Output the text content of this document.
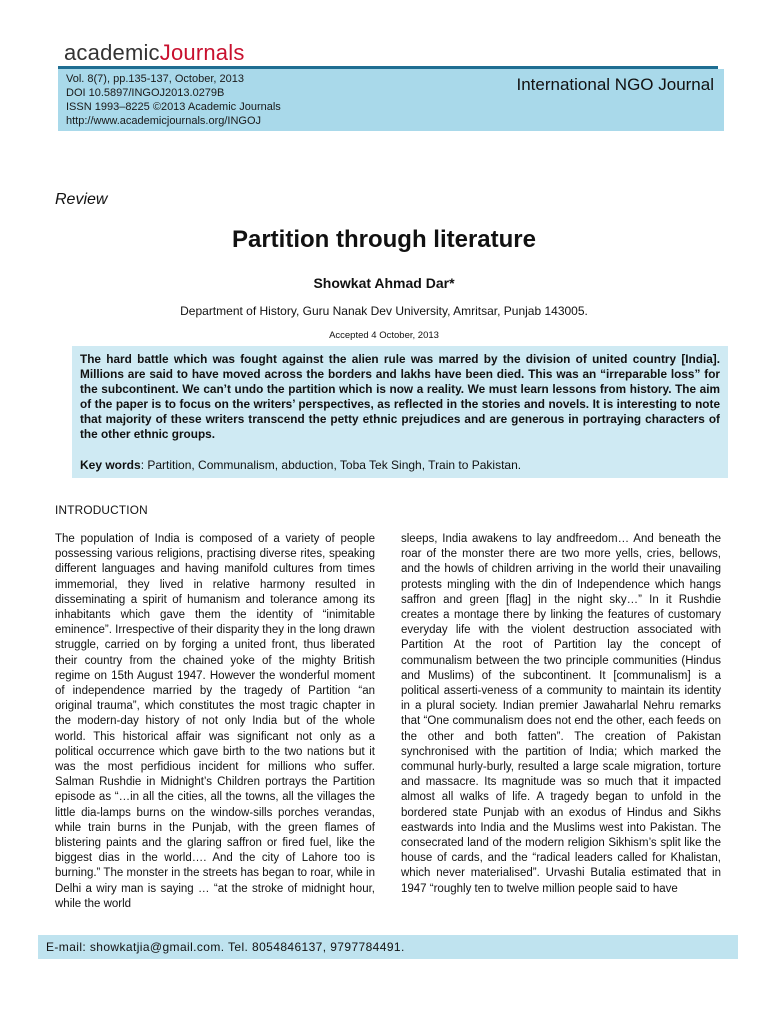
academicJournals
Vol. 8(7), pp.135-137, October, 2013
DOI 10.5897/INGOJ2013.0279B
ISSN 1993–8225 ©2013 Academic Journals
http://www.academicjournals.org/INGOJ
International NGO Journal
Review
Partition through literature
Showkat Ahmad Dar*
Department of History, Guru Nanak Dev University, Amritsar, Punjab 143005.
Accepted 4 October, 2013
The hard battle which was fought against the alien rule was marred by the division of united country [India]. Millions are said to have moved across the borders and lakhs have been died. This was an “irreparable loss” for the subcontinent. We can’t undo the partition which is now a reality. We must learn lessons from history. The aim of the paper is to focus on the writers’ perspectives, as reflected in the stories and novels. It is interesting to note that majority of these writers transcend the petty ethnic prejudices and are generous in portraying characters of the other ethnic groups.
Key words: Partition, Communalism, abduction, Toba Tek Singh, Train to Pakistan.
INTRODUCTION

The population of India is composed of a variety of people possessing various religions, practising diverse rites, speaking different languages and having manifold cultures from times immemorial, they lived in relative harmony resulted in disseminating a spirit of humanism and tolerance among its inhabitants which gave them the identity of “inimitable eminence”. Irrespective of their disparity they in the long drawn struggle, carried on by forging a united front, thus liberated their country from the chained yoke of the mighty British regime on 15th August 1947. However the wonderful moment of independence married by the tragedy of Partition “an original trauma”, which constitutes the most tragic chapter in the modern-day history of not only India but of the whole world. This historical affair was significant not only as a political occurrence which gave birth to the two nations but it was the most perfidious incident for millions who suffer. Salman Rushdie in Midnight’s Children portrays the Partition episode as “…in all the cities, all the towns, all the villages the little dia-lamps burns on the window-sills porches verandas, while train burns in the Punjab, with the green flames of blistering paints and the glaring saffron or fired fuel, like the biggest dias in the world…. And the city of Lahore too is burning.” The monster in the streets has began to roar, while in Delhi a wiry man is saying … “at the stroke of midnight hour, while the world

sleeps, India awakens to lay andfreedom… And beneath the roar of the monster there are two more yells, cries, bellows, and the howls of children arriving in the world their unavailing protests mingling with the din of Independence which hangs saffron and green [flag] in the night sky…” In it Rushdie creates a montage there by linking the features of customary everyday life with the violent destruction associated with Partition At the root of Partition lay the concept of communalism between the two principle communities (Hindus and Muslims) of the subcontinent. It [communalism] is a political asserti-veness of a community to maintain its identity in a plural society. Indian premier Jawaharlal Nehru remarks that “One communalism does not end the other, each feeds on the other and both fatten”. The creation of Pakistan synchronised with the partition of India; which marked the communal hurly-burly, resulted a large scale migration, torture and massacre. Its magnitude was so much that it impacted almost all walks of life. A tragedy began to unfold in the bordered state Punjab with an exodus of Hindus and Sikhs eastwards into India and the Muslims west into Pakistan. The consecrated land of the modern religion Sikhism’s split like the house of cards, and the “radical leaders called for Khalistan, which never materialised”. Urvashi Butalia estimated that in 1947 “roughly ten to twelve million people said to have

E-mail: showkatjia@gmail.com. Tel. 8054846137, 9797784491.
